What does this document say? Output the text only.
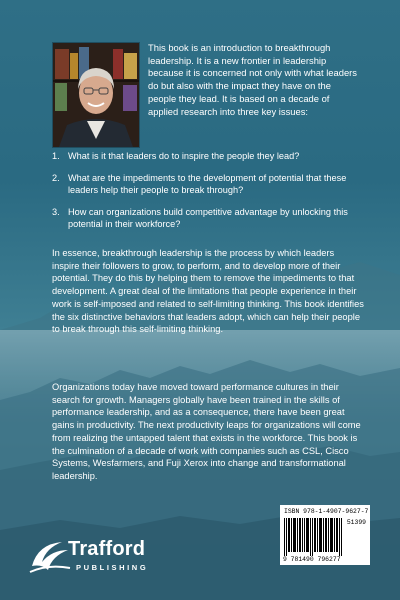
This book is an introduction to breakthrough leadership. It is a new frontier in leadership because it is concerned not only with what leaders do but also with the impact they have on the people they lead. It is based on a decade of applied research into three key issues:

1. What is it that leaders do to inspire the people they lead?
2. What are the impediments to the development of potential that these leaders help their people to break through?
3. How can organizations build competitive advantage by unlocking this potential in their workforce?

In essence, breakthrough leadership is the process by which leaders inspire their followers to grow, to perform, and to develop more of their potential. They do this by helping them to remove the impediments to that development. A great deal of the limitations that people experience in their work is self-imposed and related to self-limiting thinking. This book identifies the six distinctive behaviors that leaders adopt, which can help their people to break through this self-limiting thinking.

Organizations today have moved toward performance cultures in their search for growth. Managers globally have been trained in the skills of performance leadership, and as a consequence, there have been great gains in productivity. The next productivity leaps for organizations will come from realizing the untapped talent that exists in the workforce. This book is the culmination of a decade of work with companies such as CSL, Cisco Systems, Wesfarmers, and Fuji Xerox into change and transformational leadership.

Trafford
PUBLISHING
ISBN 978-1-4907-9627-7
51399
9 781490 796277
